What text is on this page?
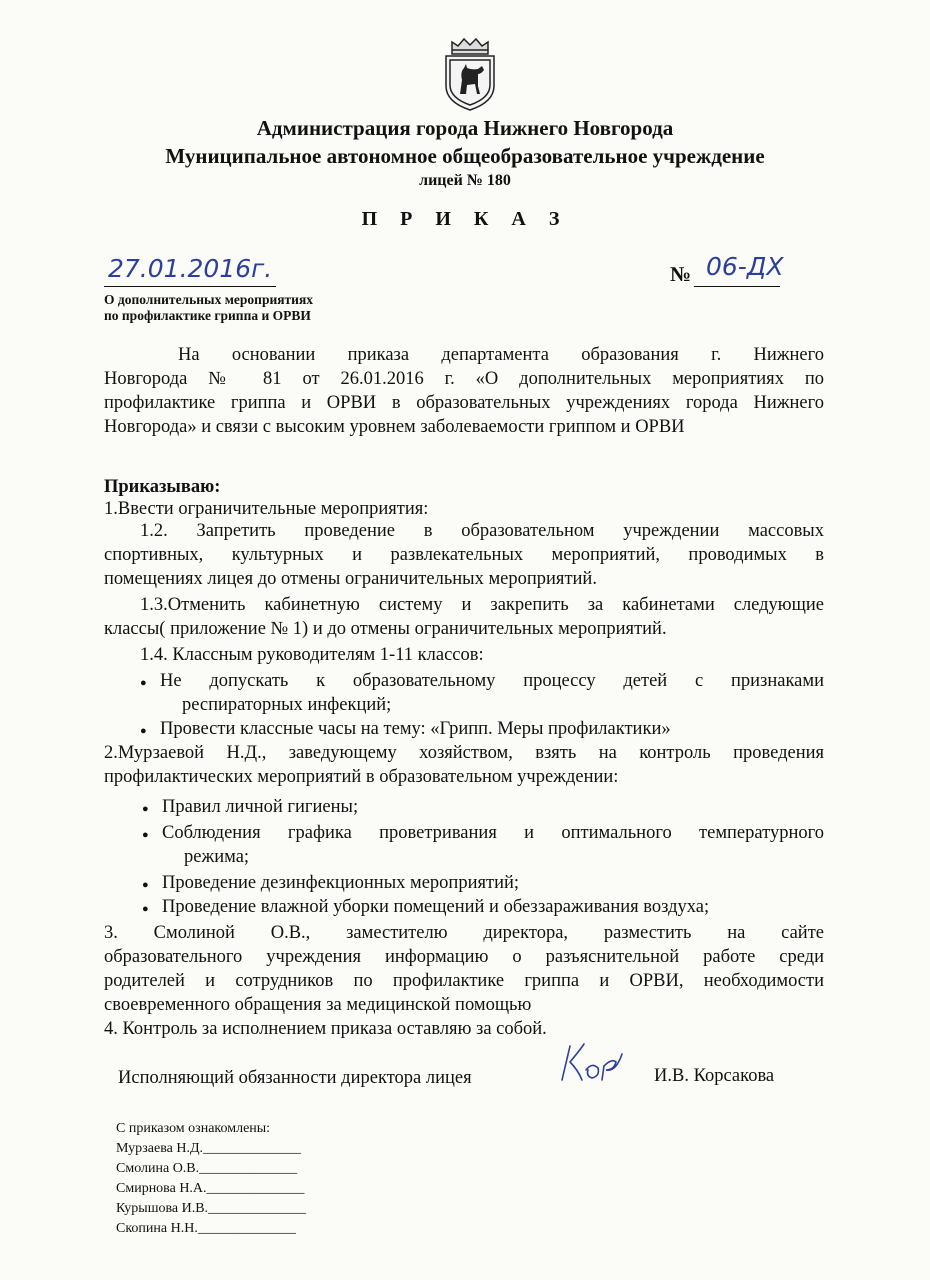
Администрация города Нижнего Новгорода

Муниципальное автономное общеобразовательное учреждение

лицей № 180

П Р И К А З

27.01.2016г.	№ 06-ДХ
О дополнительных мероприятиях
по профилактике гриппа и ОРВИ

На основании приказа департамента образования г. Нижнего

Новгорода № 81 от 26.01.2016 г. «О дополнительных мероприятиях по

профилактике гриппа и ОРВИ в образовательных учреждениях города Нижнего

Новгорода» и связи с высоким уровнем заболеваемости гриппом и ОРВИ

Приказываю:

1.Ввести ограничительные мероприятия:

1.2. Запретить проведение в образовательном учреждении массовых

спортивных, культурных и развлекательных мероприятий, проводимых в

помещениях лицея до отмены ограничительных мероприятий.

1.3.Отменить кабинетную систему и закрепить за кабинетами следующие

классы( приложение № 1) и до отмены ограничительных мероприятий.

1.4. Классным руководителям 1-11 классов:

● Не допускать к образовательному процессу детей с признаками

респираторных инфекций;

● Провести классные часы на тему: «Грипп. Меры профилактики»

2.Мурзаевой Н.Д., заведующему хозяйством, взять на контроль проведения

профилактических мероприятий в образовательном учреждении:

● Правил личной гигиены;

● Соблюдения графика проветривания и оптимального температурного

режима;

● Проведение дезинфекционных мероприятий;

● Проведение влажной уборки помещений и обеззараживания воздуха;

3. Смолиной О.В., заместителю директора, разместить на сайте

образовательного учреждения информацию о разъяснительной работе среди

родителей и сотрудников по профилактике гриппа и ОРВИ, необходимости

своевременного обращения за медицинской помощью

4. Контроль за исполнением приказа оставляю за собой.

Исполняющий обязанности директора лицея	И.В. Корсакова
С приказом ознакомлены:
Мурзаева Н.Д.______________
Смолина О.В.______________
Смирнова Н.А.______________
Курышова И.В.______________
Скопина Н.Н.______________
